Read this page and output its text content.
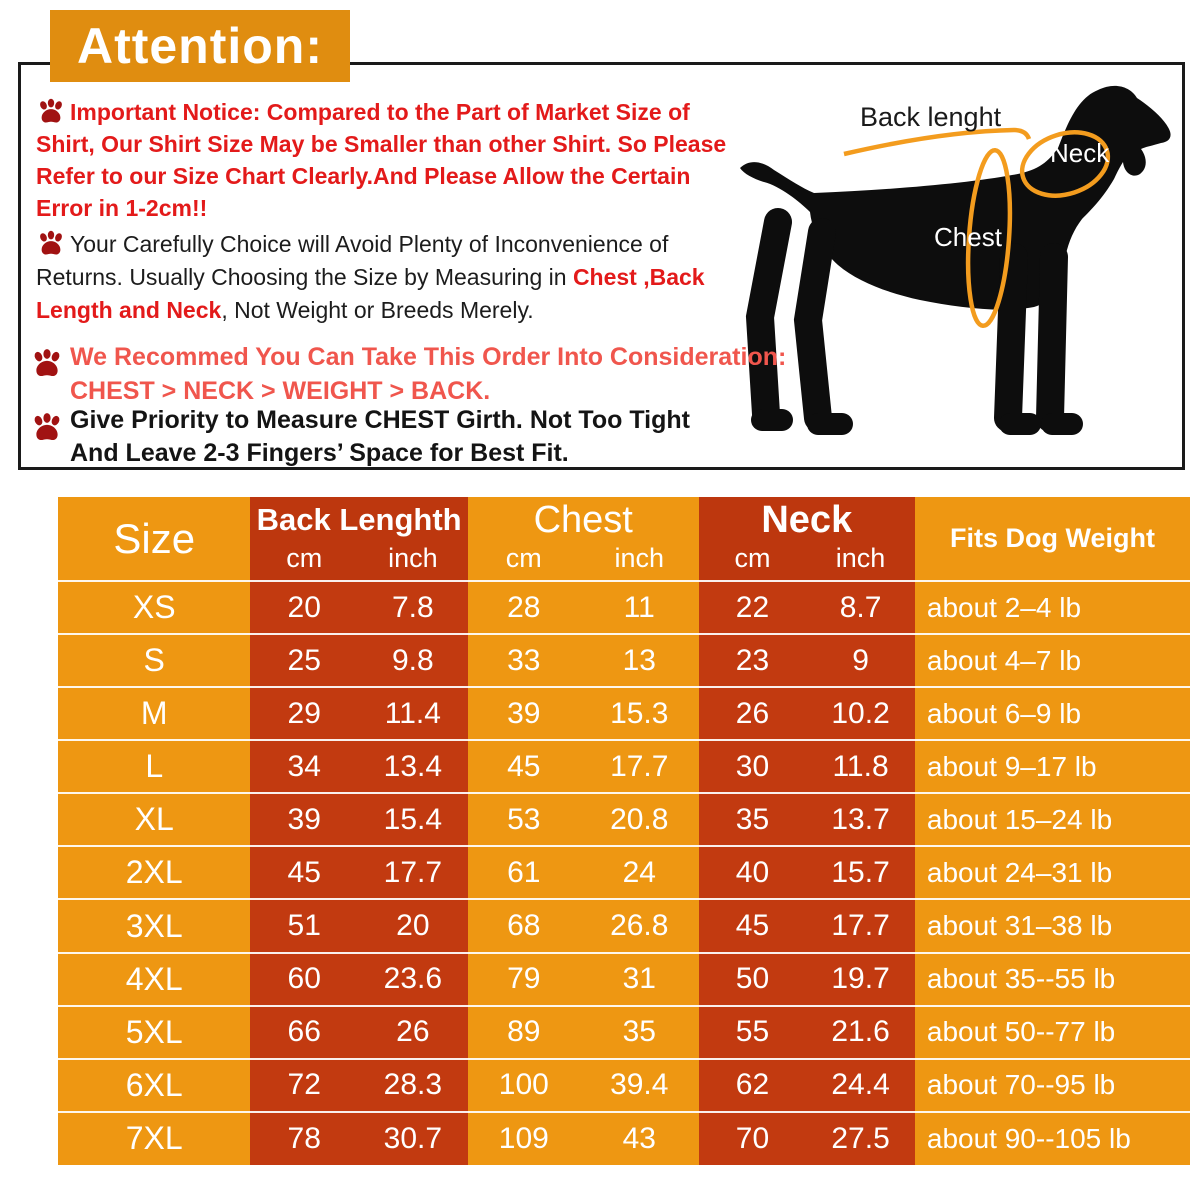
Attention:
Important Notice: Compared to the Part of Market Size of Shirt, Our Shirt Size May be Smaller than other Shirt. So Please Refer to our Size Chart Clearly.And Please Allow the Certain Error in 1-2cm!!
Your Carefully Choice will Avoid Plenty of Inconvenience of Returns. Usually Choosing the Size by Measuring in Chest ,Back Length and Neck, Not Weight or Breeds Merely.
We Recommed You Can Take This Order Into Consideration:
CHEST > NECK > WEIGHT > BACK.
Give Priority to Measure CHEST Girth. Not Too Tight
And Leave 2-3 Fingers’ Space for Best Fit.
Back lenght
Neck
Chest
Size	Back Lenghth		Chest		Neck		Fits Dog Weight
	cm	inch	cm	inch	cm	inch	
XS	20	7.8	28	11	22	8.7	about 2–4 lb
S	25	9.8	33	13	23	9	about 4–7 lb
M	29	11.4	39	15.3	26	10.2	about 6–9 lb
L	34	13.4	45	17.7	30	11.8	about 9–17 lb
XL	39	15.4	53	20.8	35	13.7	about 15–24 lb
2XL	45	17.7	61	24	40	15.7	about 24–31 lb
3XL	51	20	68	26.8	45	17.7	about 31–38 lb
4XL	60	23.6	79	31	50	19.7	about 35--55 lb
5XL	66	26	89	35	55	21.6	about 50--77 lb
6XL	72	28.3	100	39.4	62	24.4	about 70--95 lb
7XL	78	30.7	109	43	70	27.5	about 90--105 lb
